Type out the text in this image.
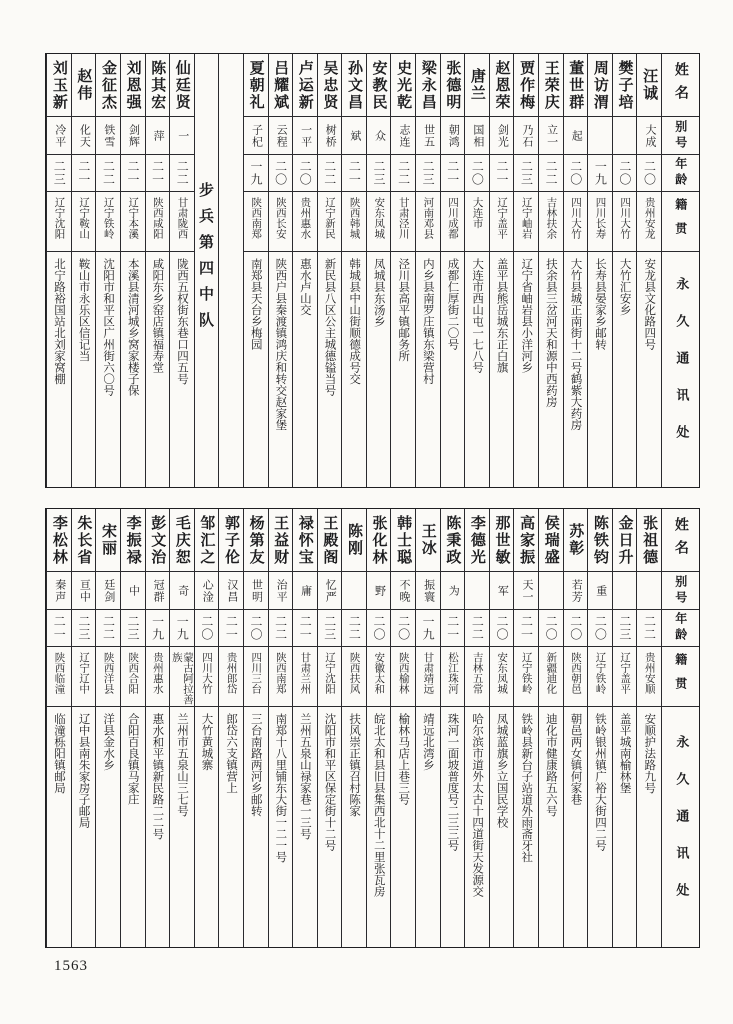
姓名
别号
年龄
籍贯
永久通讯处
汪诚
大成
二〇
贵州安龙
安龙县文化路四号
樊子培
二〇
四川大竹
大竹汇安乡
周访渭
一九
四川长寿
长寿县晏家乡邮转
董世群
起
二〇
四川大竹
大竹县城正南街十二号鹤紫大药房
王荣庆
立一
二二
吉林扶余
扶余县三岔河天和源中西药房
贾作梅
乃石
二三
辽宁岫岩
辽宁省岫岩县小洋河乡
赵恩荣
剑光
二一
辽宁盖平
盖平县熊岳城东正白旗
唐兰
国相
二〇
大连市
大连市西山屯一七八号
张德明
朝鸿
二一
四川成都
成都仁厚街二〇号
梁永昌
世五
二三
河南邓县
内乡县南罗庄镇东梁营村
史光乾
志连
二二
甘肃泾川
泾川县高平镇邮务所
安教民
众
二三
安东凤城
凤城县东汤乡
孙文昌
斌
二一
陕西韩城
韩城县中山街顺德成号交
吴忠贤
树桥
二二
辽宁新民
新民县八区公主城德镒当号
卢运新
一平
二〇
贵州惠水
惠水卢山交
吕耀斌
云程
二〇
陕西长安
陕西户县秦渡镇鸿庆和转交赵家堡
夏朝礼
子杞
一九
陕西南郑
南郑县天台乡梅园
步兵第四中队
仙廷贤
一
二二
甘肃陇西
陇西五权街东巷口四五号
陈其宏
萍
二一
陕西咸阳
咸阳东乡窑店镇福寿堂
刘恩强
剑辉
二一
辽宁本溪
本溪县清河城乡窝家楼子保
金征杰
铁雪
二二
辽宁铁岭
沈阳市和平区广州街六〇号
赵伟
化天
二一
辽宁鞍山
鞍山市永乐区信记当
刘玉新
冷平
二三
辽宁沈阳
北宁路裕国站北刘家窝棚
姓名
别号
年龄
籍贯
永久通讯处
张祖德
二二
贵州安顺
安顺护法路九号
金日升
二三
辽宁盖平
盖平城南榆林堡
陈铁钧
重
二〇
辽宁铁岭
铁岭银州镇广裕大街四二号
苏彰
若芳
二〇
陕西朝邑
朝邑两女镇何家巷
侯瑞盛
二〇
新疆迪化
迪化市健康路五六号
高家振
天一
二一
辽宁铁岭
铁岭县新台子站道外雨斋牙社
那世敏
军
二〇
安东凤城
凤城蓝旗乡立国民学校
李德光
二二
吉林五常
哈尔滨市道外太古十四道街天发源交
陈秉政
为
二一
松江珠河
珠河一面坡普度号二三三号
王冰
振寰
一九
甘肃靖远
靖远北湾乡
韩士聪
不晚
二〇
陕西榆林
榆林马店上巷三号
张化林
野
二〇
安徽太和
皖北太和县旧县集西北十二里张瓦房
陈刚
二二
陕西扶风
扶风崇正镇召村陈家
王殿阁
忆严
二三
辽宁沈阳
沈阳市和平区保定街十二号
禄怀宝
庸
二一
甘肃兰州
兰州五泉山禄家巷一三号
王益财
治平
二二
陕西南郑
南郑十八里铺东大街一二一号
杨第友
世明
二〇
四川三台
三台南路两河乡邮转
郭子伦
汉昌
二一
贵州郎岱
郎岱六支镇营上
邹汇之
心淦
二〇
四川大竹
大竹黄城寨
毛庆恕
奇
一九
蒙古阿拉善族
兰州市五泉山三七号
彭文治
冠群
一九
贵州惠水
惠水和平镇新民路二二号
李振禄
中
二三
陕西合阳
合阳百良镇马家庄
宋丽
廷剑
二二
陕西洋县
洋县金水乡
朱长省
亘中
二三
辽宁辽中
辽中县南朱家房子邮局
李松林
秦声
二一
陕西临潼
临潼栎阳镇邮局
1563
